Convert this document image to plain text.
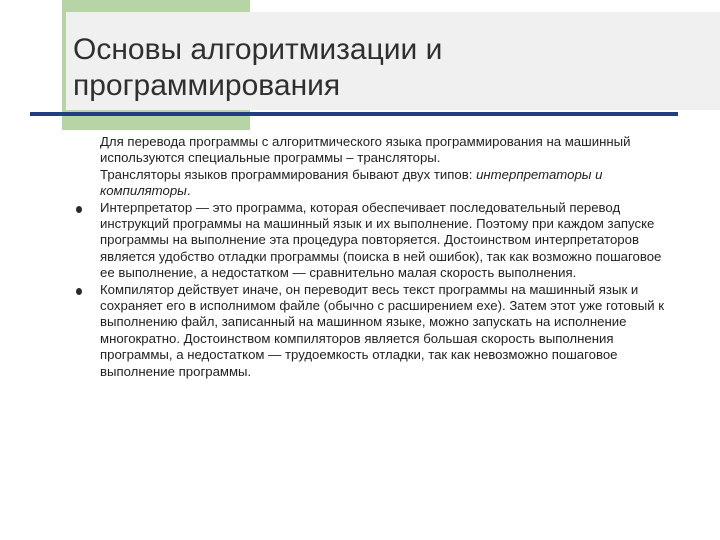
Основы алгоритмизации и программирования

Для перевода программы с алгоритмического языка программирования на машинный используются специальные программы – трансляторы.

Трансляторы языков программирования бывают двух типов: интерпретаторы и компиляторы.

Интерпретатор — это программа, которая обеспечивает последовательный перевод инструкций программы на машинный язык и их выполнение. Поэтому при каждом запуске программы на выполнение эта процедура повторяется. Достоинством интерпретаторов является удобство отладки программы (поиска в ней ошибок), так как возможно пошаговое ее выполнение, а недостатком — сравнительно малая скорость выполнения.

Компилятор действует иначе, он переводит весь текст программы на машинный язык и сохраняет его в исполнимом файле (обычно с расширением exe). Затем этот уже готовый к выполнению файл, записанный на машинном языке, можно запускать на исполнение многократно. Достоинством компиляторов является большая скорость выполнения программы, а недостатком — трудоемкость отладки, так как невозможно пошаговое выполнение программы.
